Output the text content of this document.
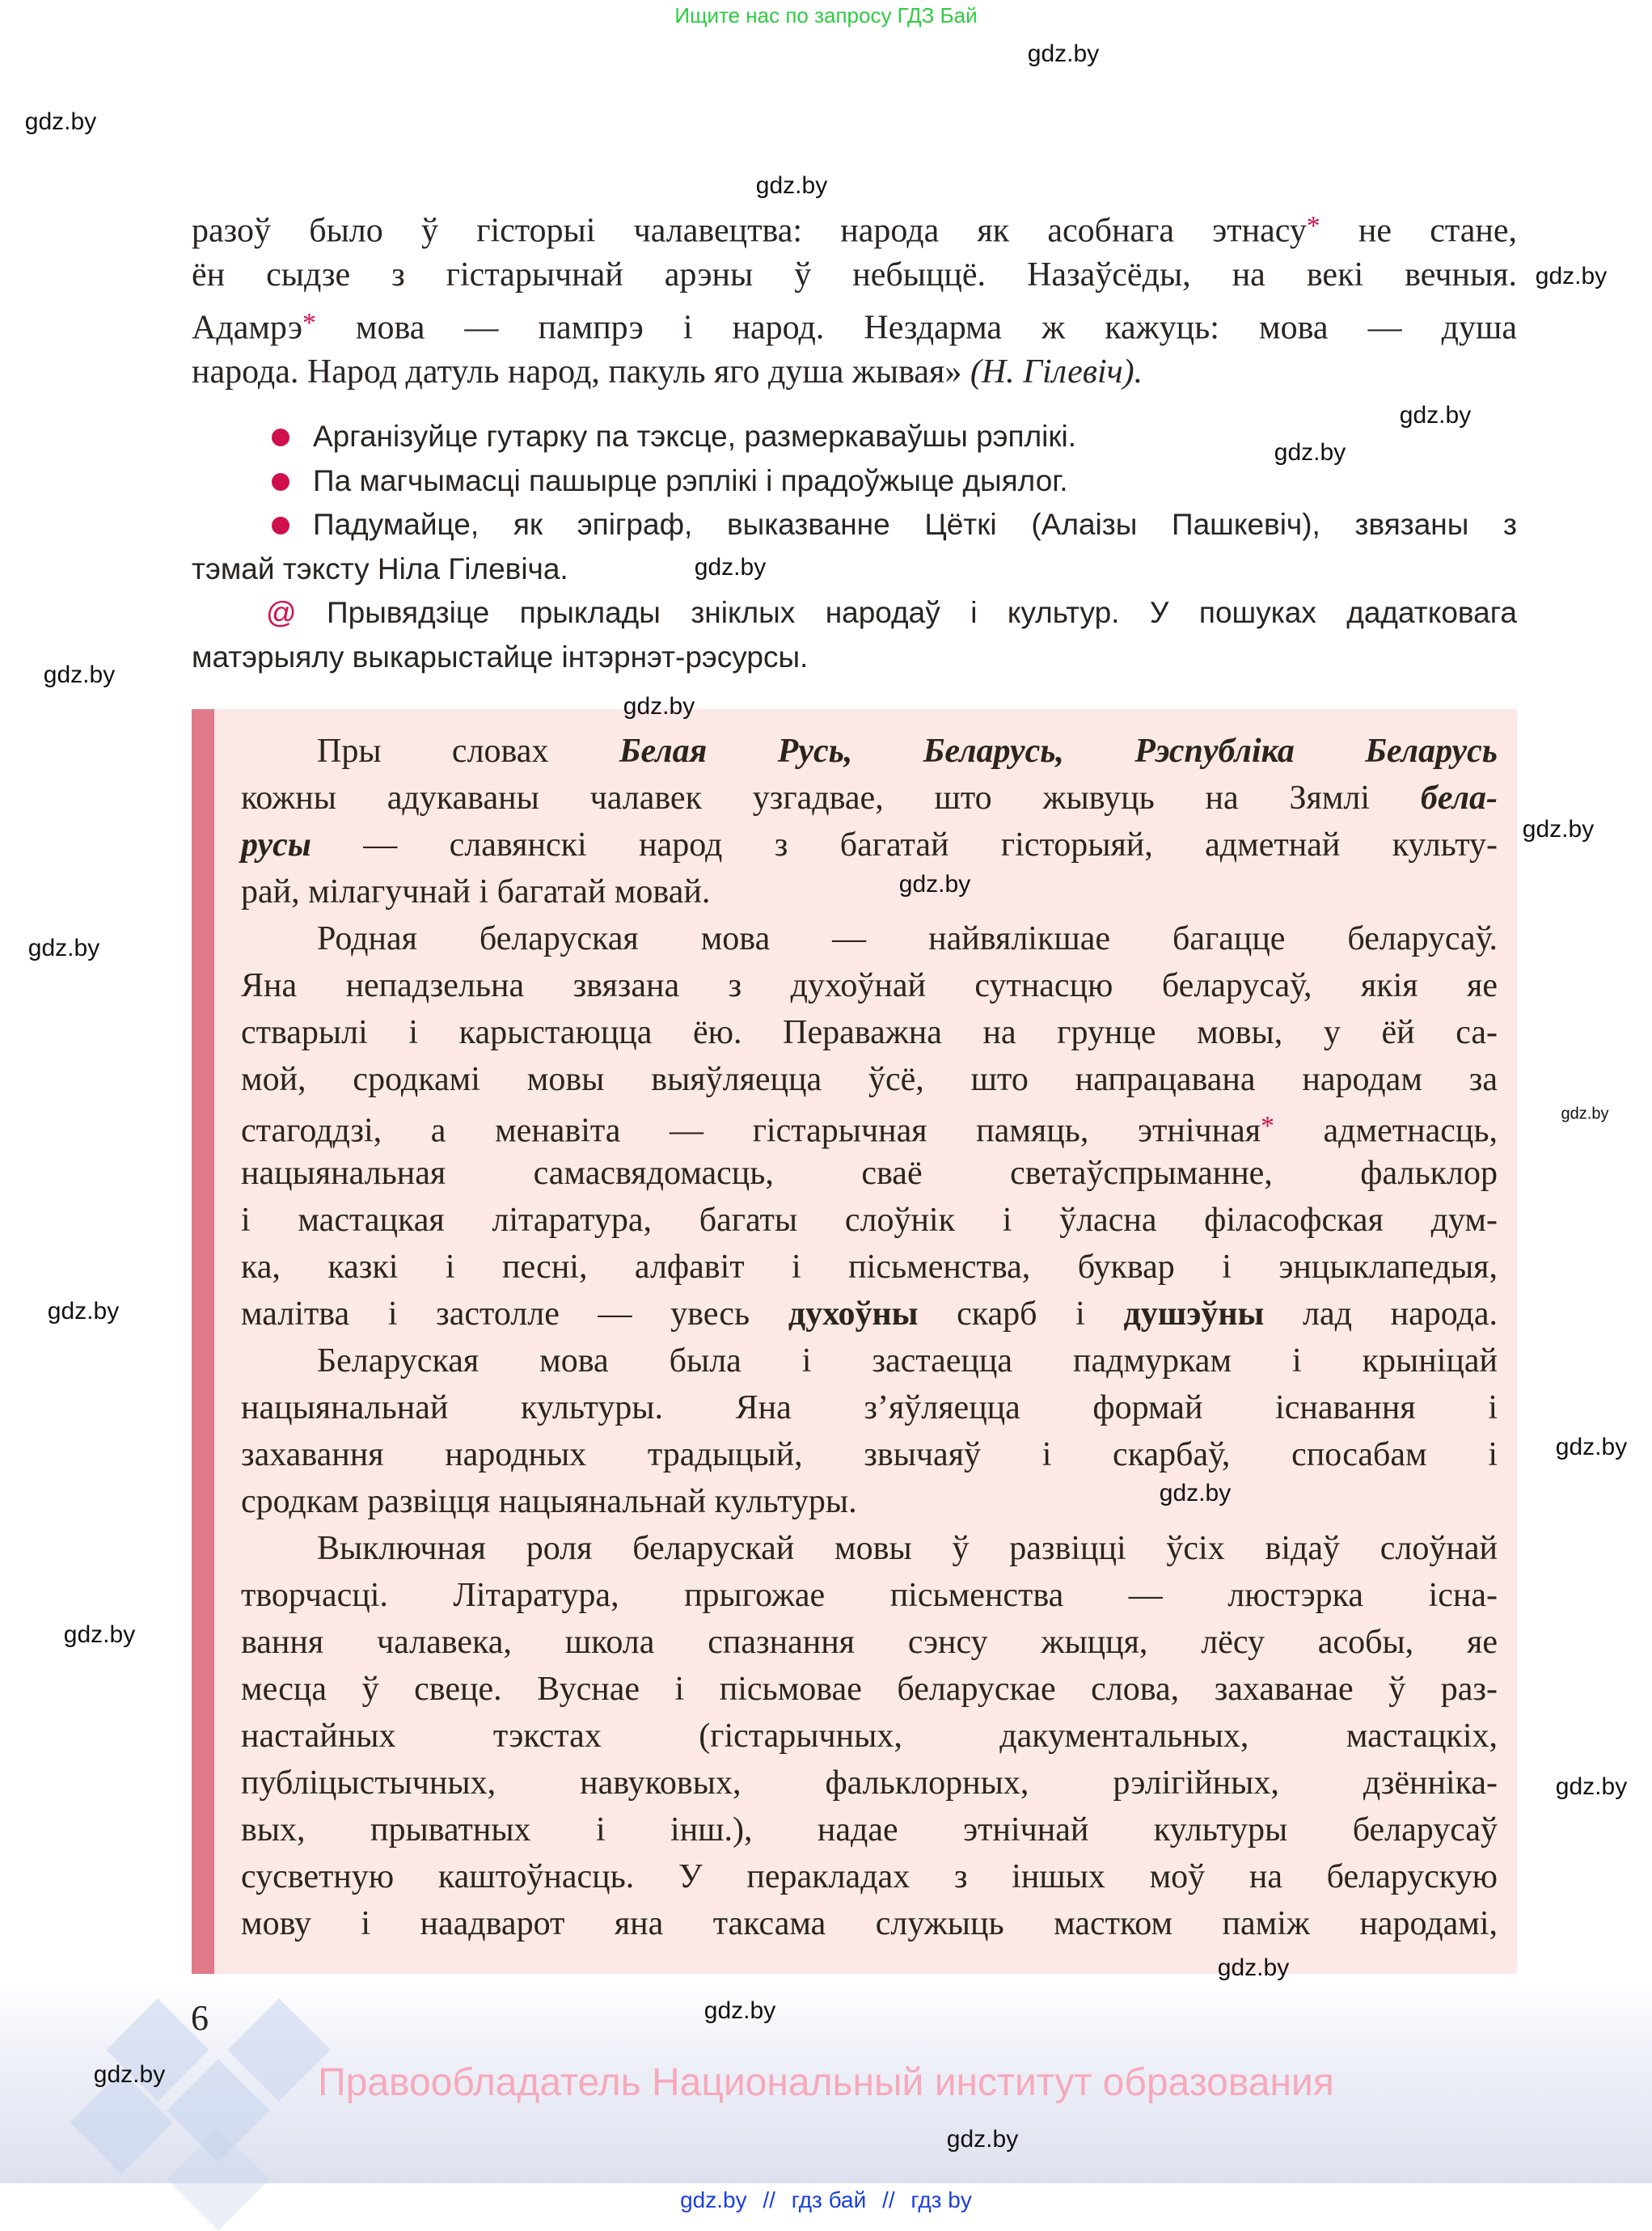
Ищите нас по запросу ГДЗ Бай
разоў было ў гісторыі чалавецтва: народа як асобнага этнасу* не стане,
ён сыдзе з гістарычнай арэны ў небыццё. Назаўсёды, на векі вечныя.
Адамрэ* мова — пампрэ і народ. Нездарма ж кажуць: мова — душа
народа. Народ датуль народ, пакуль яго душа жывая» (Н. Гілевіч).
Арганізуйце гутарку па тэксце, размеркаваўшы рэплікі.
Па магчымасці пашырце рэплікі і прадоўжыце дыялог.
Падумайце, як эпіграф, выказванне Цёткі (Алаізы Пашкевіч), звязаны з
тэмай тэксту Ніла Гілевіча.
@ Прывядзіце прыклады зніклых народаў і культур. У пошуках дадатковага
матэрыялу выкарыстайце інтэрнэт-рэсурсы.
Пры словах Белая Русь, Беларусь, Рэспубліка Беларусь
кожны адукаваны чалавек узгадвае, што жывуць на Зямлі бела-
русы — славянскі народ з багатай гісторыяй, адметнай культу-
рай, мілагучнай і багатай мовай.
Родная беларуская мова — найвялікшае багацце беларусаў.
Яна непадзельна звязана з духоўнай сутнасцю беларусаў, якія яе
стварылі і карыстаюцца ёю. Пераважна на грунце мовы, у ёй са-
мой, сродкамі мовы выяўляецца ўсё, што напрацавана народам за
стагоддзі, а менавіта — гістарычная памяць, этнічная* адметнасць,
нацыянальная самасвядомасць, сваё светаўспрыманне, фальклор
і мастацкая літаратура, багаты слоўнік і ўласна філасофская дум-
ка, казкі і песні, алфавіт і пісьменства, буквар і энцыклапедыя,
малітва і застолле — увесь духоўны скарб і душэўны лад народа.
Беларуская мова была і застаецца падмуркам і крыніцай
нацыянальнай культуры. Яна з’яўляецца формай існавання і
захавання народных традыцый, звычаяў і скарбаў, спосабам і
сродкам развіцця нацыянальнай культуры.
Выключная роля беларускай мовы ў развіцці ўсіх відаў слоўнай
творчасці. Літаратура, прыгожае пісьменства — люстэрка існа-
вання чалавека, школа спазнання сэнсу жыцця, лёсу асобы, яе
месца ў свеце. Вуснае і пісьмовае беларускае слова, захаванае ў раз-
настайных тэкстах (гістарычных, дакументальных, мастацкіх,
публіцыстычных, навуковых, фальклорных, рэлігійных, дзённіка-
вых, прыватных і інш.), надае этнічнай культуры беларусаў
сусветную каштоўнасць. У перакладах з іншых моў на беларускую
мову і наадварот яна таксама служыць мастком паміж народамі,
6
Правообладатель Национальный институт образования
gdz.by // гдз бай // гдз by
gdz.by
gdz.by
gdz.by
gdz.by
gdz.by
gdz.by
gdz.by
gdz.by
gdz.by
gdz.by
gdz.by
gdz.by
gdz.by
gdz.by
gdz.by
gdz.by
gdz.by
gdz.by
gdz.by
gdz.by
gdz.by
gdz.by
